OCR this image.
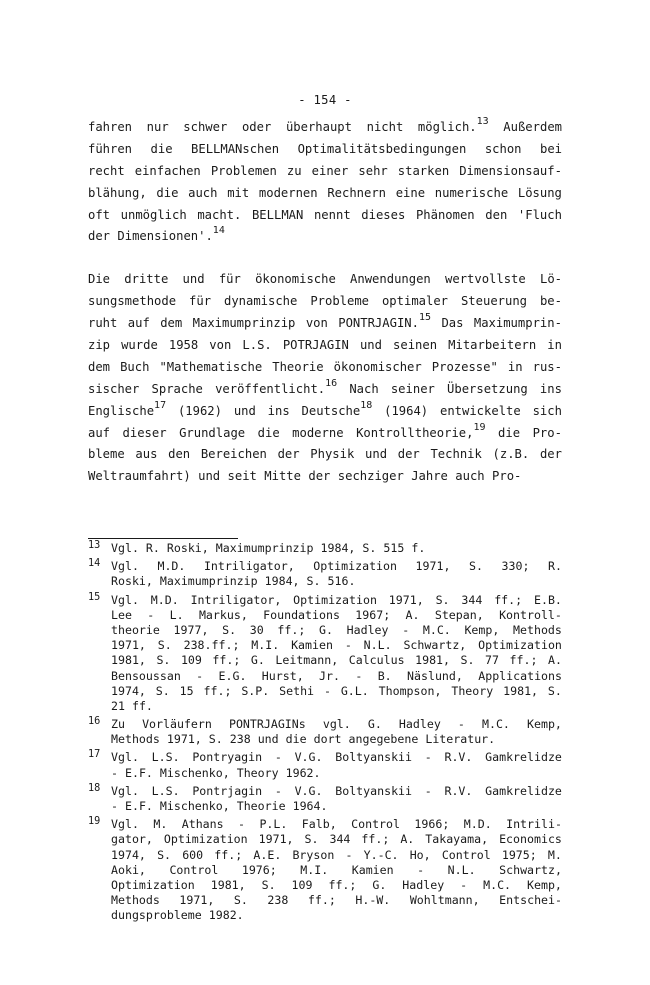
- 154 -

fahren nur schwer oder überhaupt nicht möglich.$^{13}$ Außerdem
führen die BELLMANschen Optimalitätsbedingungen schon bei
recht einfachen Problemen zu einer sehr starken Dimensionsauf-
blähung, die auch mit modernen Rechnern eine numerische Lösung
oft unmöglich macht. BELLMAN nennt dieses Phänomen den 'Fluch
der Dimensionen'.$^{14}$

Die dritte und für ökonomische Anwendungen wertvollste Lö-
sungsmethode für dynamische Probleme optimaler Steuerung be-
ruht auf dem Maximumprinzip von PONTRJAGIN.$^{15}$ Das Maximumprin-
zip wurde 1958 von L.S. POTRJAGIN und seinen Mitarbeitern in
dem Buch "Mathematische Theorie ökonomischer Prozesse" in rus-
sischer Sprache veröffentlicht.$^{16}$ Nach seiner Übersetzung ins
Englische$^{17}$ (1962) und ins Deutsche$^{18}$ (1964) entwickelte sich
auf dieser Grundlage die moderne Kontrolltheorie,$^{19}$ die Pro-
bleme aus den Bereichen der Physik und der Technik (z.B. der
Weltraumfahrt) und seit Mitte der sechziger Jahre auch Pro-

13 Vgl. R. Roski, Maximumprinzip 1984, S. 515 f.
14 Vgl. M.D. Intriligator, Optimization 1971, S. 330; R.
Roski, Maximumprinzip 1984, S. 516.
15 Vgl. M.D. Intriligator, Optimization 1971, S. 344 ff.; E.B.
Lee - L. Markus, Foundations 1967; A. Stepan, Kontroll-
theorie 1977, S. 30 ff.; G. Hadley - M.C. Kemp, Methods
1971, S. 238.ff.; M.I. Kamien - N.L. Schwartz, Optimization
1981, S. 109 ff.; G. Leitmann, Calculus 1981, S. 77 ff.; A.
Bensoussan - E.G. Hurst, Jr. - B. Näslund, Applications
1974, S. 15 ff.; S.P. Sethi - G.L. Thompson, Theory 1981, S.
21 ff.
16 Zu Vorläufern PONTRJAGINs vgl. G. Hadley - M.C. Kemp,
Methods 1971, S. 238 und die dort angegebene Literatur.
17 Vgl. L.S. Pontryagin - V.G. Boltyanskii - R.V. Gamkrelidze
- E.F. Mischenko, Theory 1962.
18 Vgl. L.S. Pontrjagin - V.G. Boltyanskii - R.V. Gamkrelidze
- E.F. Mischenko, Theorie 1964.
19 Vgl. M. Athans - P.L. Falb, Control 1966; M.D. Intrili-
gator, Optimization 1971, S. 344 ff.; A. Takayama, Economics
1974, S. 600 ff.; A.E. Bryson - Y.-C. Ho, Control 1975; M.
Aoki, Control 1976; M.I. Kamien - N.L. Schwartz,
Optimization 1981, S. 109 ff.; G. Hadley - M.C. Kemp,
Methods 1971, S. 238 ff.; H.-W. Wohltmann, Entschei-
dungsprobleme 1982.
